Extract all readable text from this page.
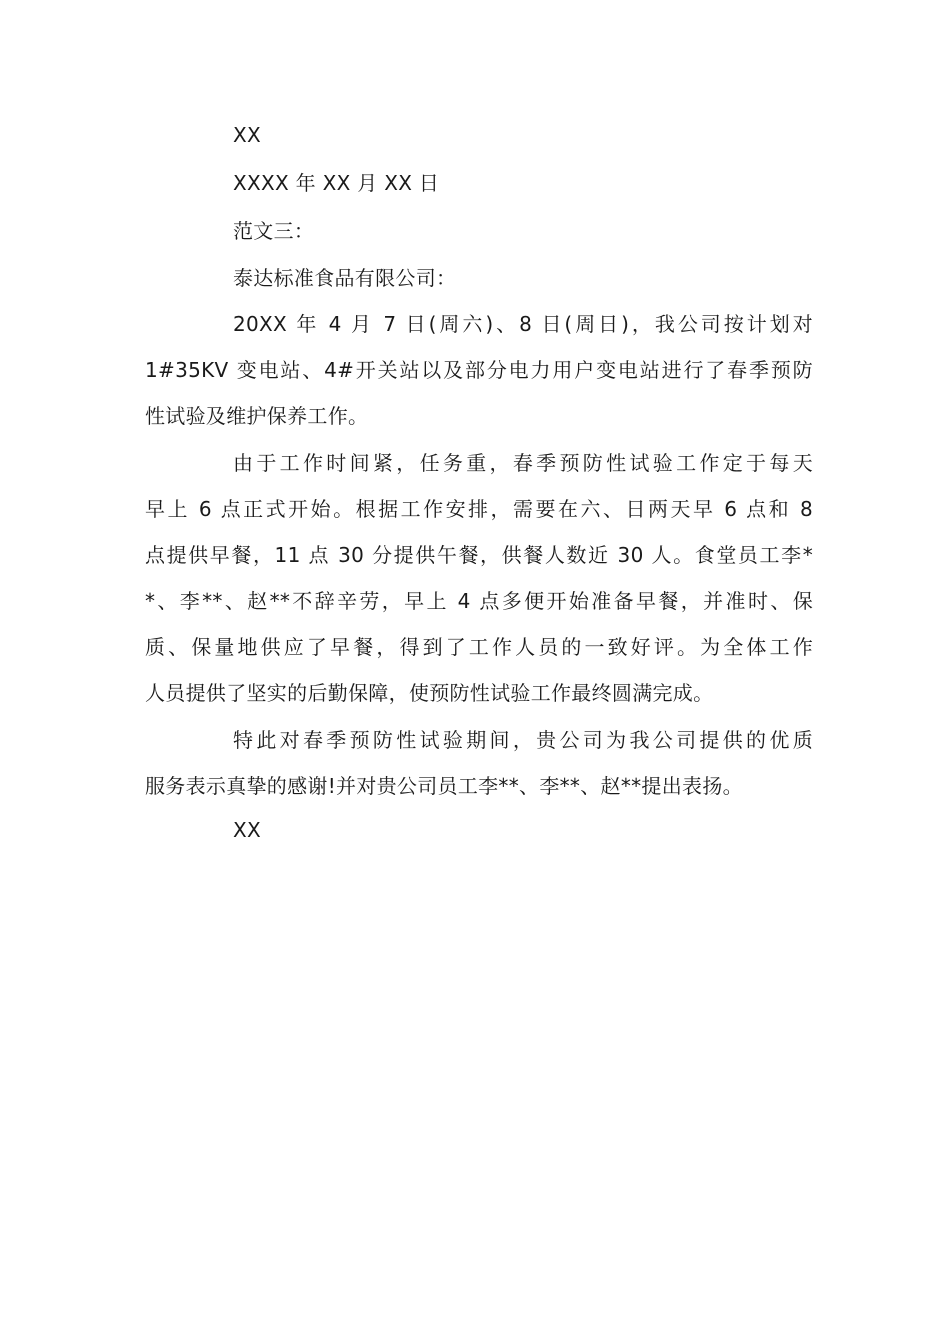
XX
XXXX 年 XX 月 XX 日
范文三：
泰达标准食品有限公司：
20XX 年 4 月 7 日(周六)、8 日(周日)，我公司按计划对
1#35KV 变电站、4#开关站以及部分电力用户变电站进行了春季预防
性试验及维护保养工作。
由于工作时间紧，任务重，春季预防性试验工作定于每天
早上 6 点正式开始。根据工作安排，需要在六、日两天早 6 点和 8
点提供早餐，11 点 30 分提供午餐，供餐人数近 30 人。食堂员工李*
*、李**、赵**不辞辛劳，早上 4 点多便开始准备早餐，并准时、保
质、保量地供应了早餐，得到了工作人员的一致好评。为全体工作
人员提供了坚实的后勤保障，使预防性试验工作最终圆满完成。
特此对春季预防性试验期间，贵公司为我公司提供的优质
服务表示真挚的感谢!并对贵公司员工李**、李**、赵**提出表扬。
XX
